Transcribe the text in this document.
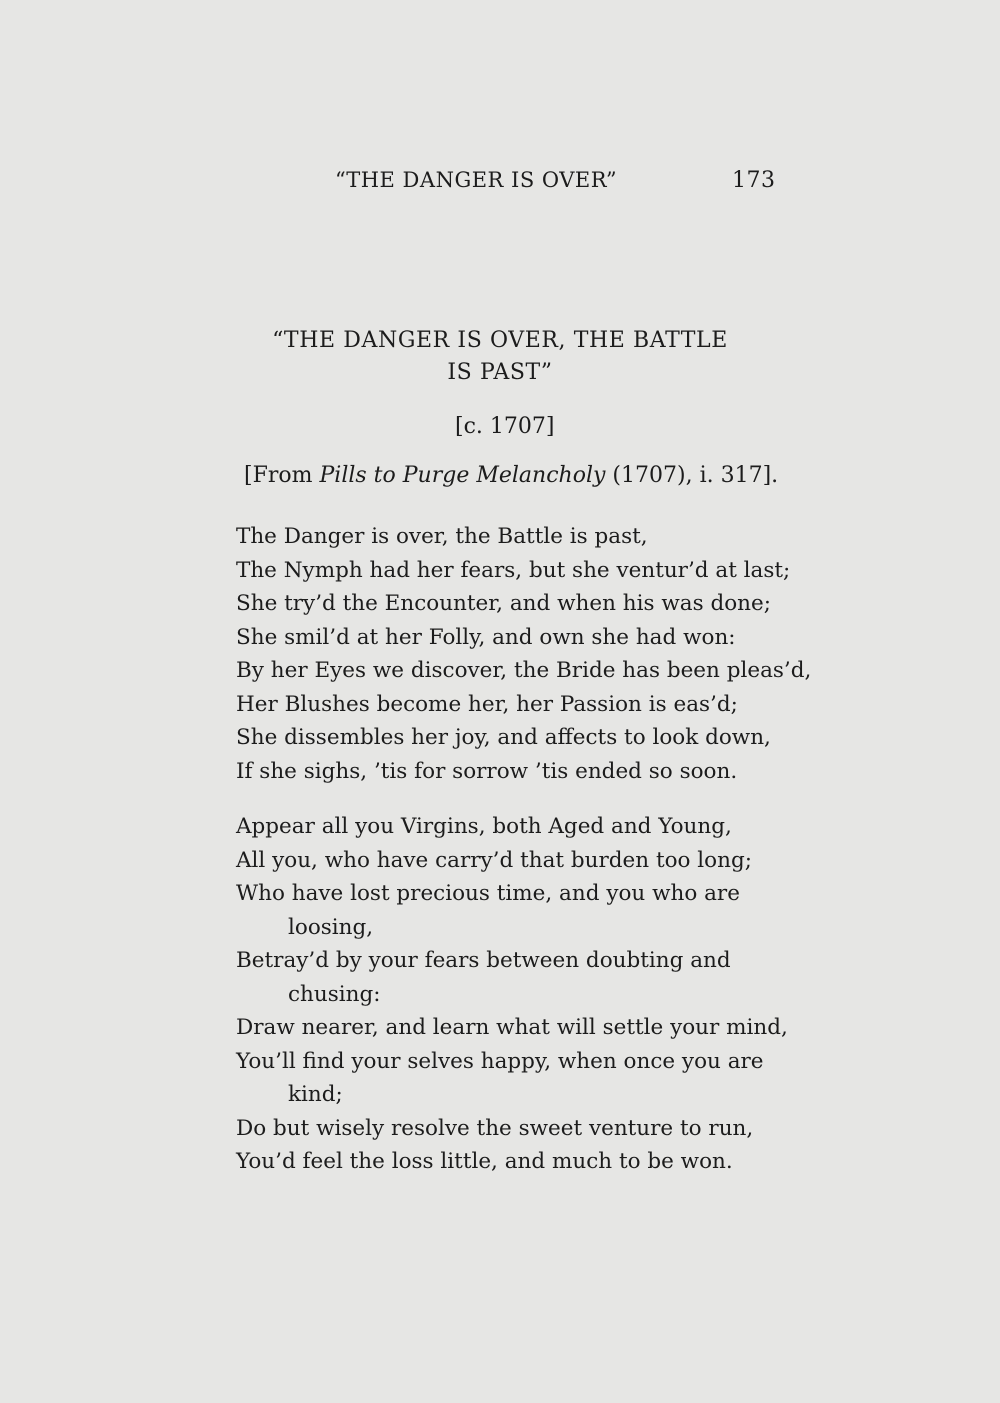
“THE DANGER IS OVER”	173
“THE DANGER IS OVER, THE BATTLE
IS PAST”
[c. 1707]
[From Pills to Purge Melancholy (1707), i. 317].
The Danger is over, the Battle is past,
The Nymph had her fears, but she ventur’d at last;
She try’d the Encounter, and when his was done;
She smil’d at her Folly, and own she had won:
By her Eyes we discover, the Bride has been pleas’d,
Her Blushes become her, her Passion is eas’d;
She dissembles her joy, and affects to look down,
If she sighs, ’tis for sorrow ’tis ended so soon.
Appear all you Virgins, both Aged and Young,
All you, who have carry’d that burden too long;
Who have lost precious time, and you who are
loosing,
Betray’d by your fears between doubting and
chusing:
Draw nearer, and learn what will settle your mind,
You’ll find your selves happy, when once you are
kind;
Do but wisely resolve the sweet venture to run,
You’d feel the loss little, and much to be won.
